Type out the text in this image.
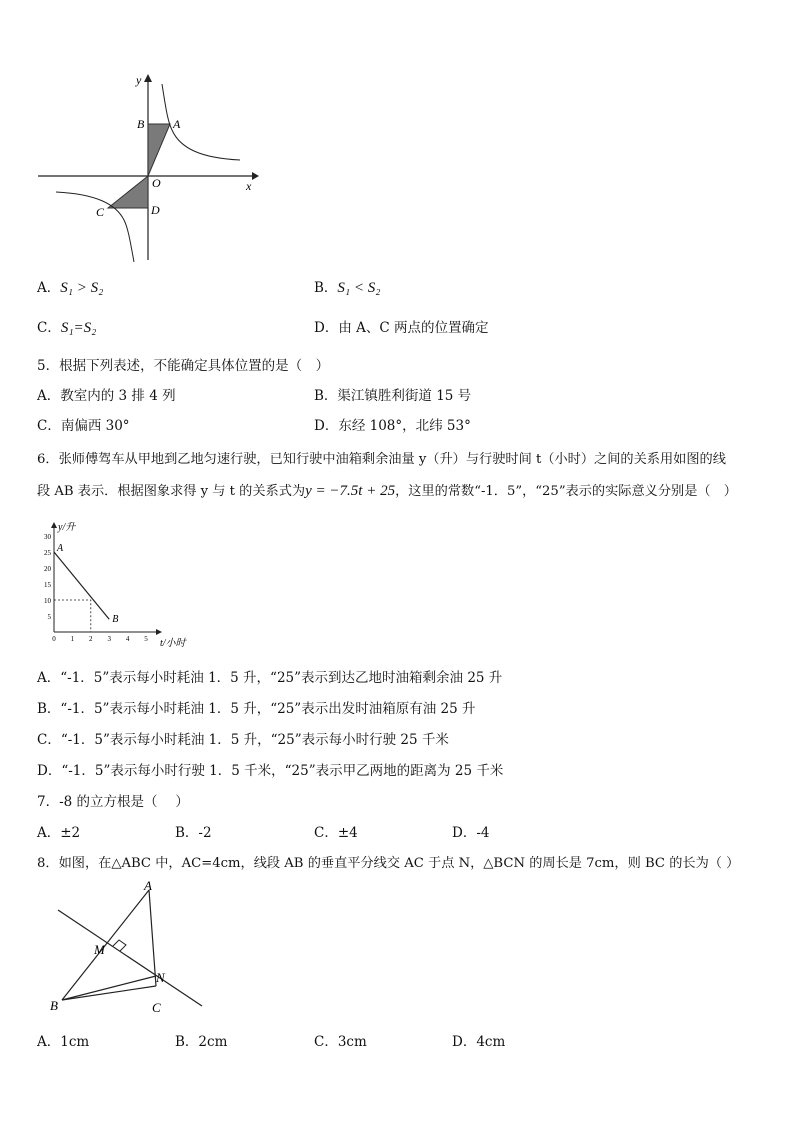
y
x
B A
O
C	D
A．S₁ > S₂	B．S₁ < S₂
C．S₁=S₂	D．由 A、C 两点的位置确定
5．根据下列表述，不能确定具体位置的是（　）
A．教室内的 3 排 4 列	B．渠江镇胜利街道 15 号
C．南偏西 30°	D．东经 108°，北纬 53°
6．张师傅驾车从甲地到乙地匀速行驶，已知行驶中油箱剩余油量 y（升）与行驶时间 t（小时）之间的关系用如图的线
段 AB 表示．根据图象求得 y 与 t 的关系式为y = −7.5t + 25，这里的常数“-1．5”，“25”表示的实际意义分别是（　）
y/升
t/小时
30
25
20
15
10
5
0 1 2 3 4 5
A
B
A．“-1．5”表示每小时耗油 1．5 升，“25”表示到达乙地时油箱剩余油 25 升
B．“-1．5”表示每小时耗油 1．5 升，“25”表示出发时油箱原有油 25 升
C．“-1．5”表示每小时耗油 1．5 升，“25”表示每小时行驶 25 千米
D．“-1．5”表示每小时行驶 1．5 千米，“25”表示甲乙两地的距离为 25 千米
7．-8 的立方根是（　 ）
A．±2	B．-2	C．±4	D．-4
8．如图，在△ABC 中，AC=4cm，线段 AB 的垂直平分线交 AC 于点 N，△BCN 的周长是 7cm，则 BC 的长为（ ）
A
M
N
B	C
A．1cm	B．2cm	C．3cm	D．4cm
